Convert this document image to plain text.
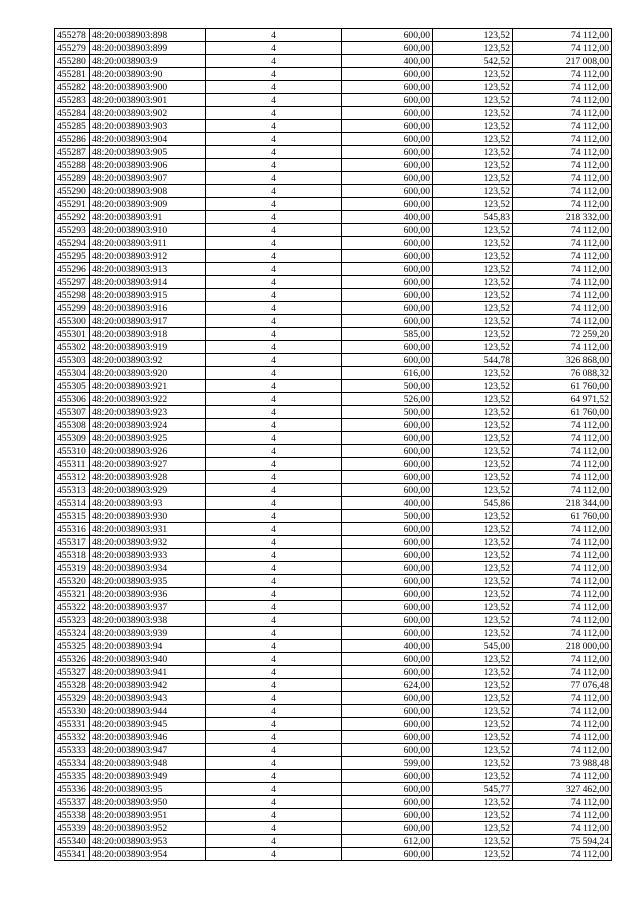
455278	48:20:0038903:898	4	600,00	123,52	74 112,00
455279	48:20:0038903:899	4	600,00	123,52	74 112,00
455280	48:20:0038903:9	4	400,00	542,52	217 008,00
455281	48:20:0038903:90	4	600,00	123,52	74 112,00
455282	48:20:0038903:900	4	600,00	123,52	74 112,00
455283	48:20:0038903:901	4	600,00	123,52	74 112,00
455284	48:20:0038903:902	4	600,00	123,52	74 112,00
455285	48:20:0038903:903	4	600,00	123,52	74 112,00
455286	48:20:0038903:904	4	600,00	123,52	74 112,00
455287	48:20:0038903:905	4	600,00	123,52	74 112,00
455288	48:20:0038903:906	4	600,00	123,52	74 112,00
455289	48:20:0038903:907	4	600,00	123,52	74 112,00
455290	48:20:0038903:908	4	600,00	123,52	74 112,00
455291	48:20:0038903:909	4	600,00	123,52	74 112,00
455292	48:20:0038903:91	4	400,00	545,83	218 332,00
455293	48:20:0038903:910	4	600,00	123,52	74 112,00
455294	48:20:0038903:911	4	600,00	123,52	74 112,00
455295	48:20:0038903:912	4	600,00	123,52	74 112,00
455296	48:20:0038903:913	4	600,00	123,52	74 112,00
455297	48:20:0038903:914	4	600,00	123,52	74 112,00
455298	48:20:0038903:915	4	600,00	123,52	74 112,00
455299	48:20:0038903:916	4	600,00	123,52	74 112,00
455300	48:20:0038903:917	4	600,00	123,52	74 112,00
455301	48:20:0038903:918	4	585,00	123,52	72 259,20
455302	48:20:0038903:919	4	600,00	123,52	74 112,00
455303	48:20:0038903:92	4	600,00	544,78	326 868,00
455304	48:20:0038903:920	4	616,00	123,52	76 088,32
455305	48:20:0038903:921	4	500,00	123,52	61 760,00
455306	48:20:0038903:922	4	526,00	123,52	64 971,52
455307	48:20:0038903:923	4	500,00	123,52	61 760,00
455308	48:20:0038903:924	4	600,00	123,52	74 112,00
455309	48:20:0038903:925	4	600,00	123,52	74 112,00
455310	48:20:0038903:926	4	600,00	123,52	74 112,00
455311	48:20:0038903:927	4	600,00	123,52	74 112,00
455312	48:20:0038903:928	4	600,00	123,52	74 112,00
455313	48:20:0038903:929	4	600,00	123,52	74 112,00
455314	48:20:0038903:93	4	400,00	545,86	218 344,00
455315	48:20:0038903:930	4	500,00	123,52	61 760,00
455316	48:20:0038903:931	4	600,00	123,52	74 112,00
455317	48:20:0038903:932	4	600,00	123,52	74 112,00
455318	48:20:0038903:933	4	600,00	123,52	74 112,00
455319	48:20:0038903:934	4	600,00	123,52	74 112,00
455320	48:20:0038903:935	4	600,00	123,52	74 112,00
455321	48:20:0038903:936	4	600,00	123,52	74 112,00
455322	48:20:0038903:937	4	600,00	123,52	74 112,00
455323	48:20:0038903:938	4	600,00	123,52	74 112,00
455324	48:20:0038903:939	4	600,00	123,52	74 112,00
455325	48:20:0038903:94	4	400,00	545,00	218 000,00
455326	48:20:0038903:940	4	600,00	123,52	74 112,00
455327	48:20:0038903:941	4	600,00	123,52	74 112,00
455328	48:20:0038903:942	4	624,00	123,52	77 076,48
455329	48:20:0038903:943	4	600,00	123,52	74 112,00
455330	48:20:0038903:944	4	600,00	123,52	74 112,00
455331	48:20:0038903:945	4	600,00	123,52	74 112,00
455332	48:20:0038903:946	4	600,00	123,52	74 112,00
455333	48:20:0038903:947	4	600,00	123,52	74 112,00
455334	48:20:0038903:948	4	599,00	123,52	73 988,48
455335	48:20:0038903:949	4	600,00	123,52	74 112,00
455336	48:20:0038903:95	4	600,00	545,77	327 462,00
455337	48:20:0038903:950	4	600,00	123,52	74 112,00
455338	48:20:0038903:951	4	600,00	123,52	74 112,00
455339	48:20:0038903:952	4	600,00	123,52	74 112,00
455340	48:20:0038903:953	4	612,00	123,52	75 594,24
455341	48:20:0038903:954	4	600,00	123,52	74 112,00
